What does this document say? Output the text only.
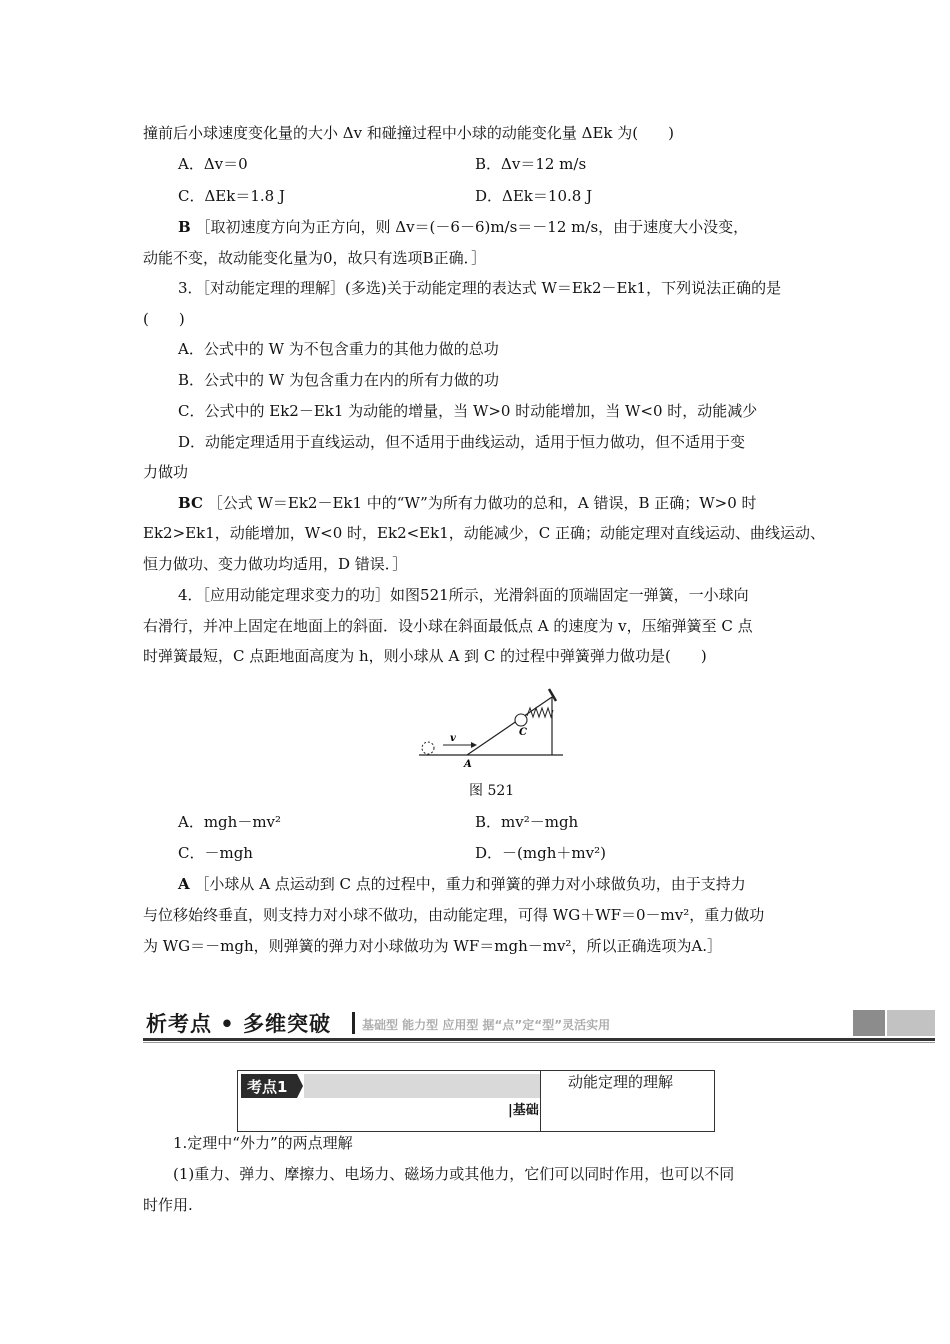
撞前后小球速度变化量的大小 Δv 和碰撞过程中小球的动能变化量 ΔEk 为(　　)
A．Δv＝0	B．Δv＝12 m/s
C．ΔEk＝1.8 J	D．ΔEk＝10.8 J
B ［取初速度方向为正方向，则 Δv＝(－6－6)m/s＝－12 m/s，由于速度大小没变，
动能不变，故动能变化量为0，故只有选项B正确．］
3．［对动能定理的理解］(多选)关于动能定理的表达式 W＝Ek2－Ek1，下列说法正确的是
(　　)
A．公式中的 W 为不包含重力的其他力做的总功
B．公式中的 W 为包含重力在内的所有力做的功
C．公式中的 Ek2－Ek1 为动能的增量，当 W>0 时动能增加，当 W<0 时，动能减少
D．动能定理适用于直线运动，但不适用于曲线运动，适用于恒力做功，但不适用于变
力做功
BC ［公式 W＝Ek2－Ek1 中的“W”为所有力做功的总和，A 错误，B 正确；W>0 时
Ek2>Ek1，动能增加，W<0 时，Ek2<Ek1，动能减少，C 正确；动能定理对直线运动、曲线运动、
恒力做功、变力做功均适用，D 错误．］
4．［应用动能定理求变力的功］如图521所示，光滑斜面的顶端固定一弹簧，一小球向
右滑行，并冲上固定在地面上的斜面．设小球在斜面最低点 A 的速度为 v，压缩弹簧至 C 点
时弹簧最短，C 点距地面高度为 h，则小球从 A 到 C 的过程中弹簧弹力做功是(　　)
v
A
C
图 521
A．mgh－mv²	B．mv²－mgh
C．－mgh	D．－(mgh＋mv²)
A ［小球从 A 点运动到 C 点的过程中，重力和弹簧的弹力对小球做负功，由于支持力
与位移始终垂直，则支持力对小球不做功，由动能定理，可得 WG＋WF＝0－mv²，重力做功
为 WG＝－mgh，则弹簧的弹力对小球做功为 WF＝mgh－mv²，所以正确选项为A.］
析考点 • 多维突破	基础型 能力型 应用型 据“点”定“型”灵活实用
考点1	动能定理的理解
|基础
1.定理中“外力”的两点理解
(1)重力、弹力、摩擦力、电场力、磁场力或其他力，它们可以同时作用，也可以不同
时作用.
